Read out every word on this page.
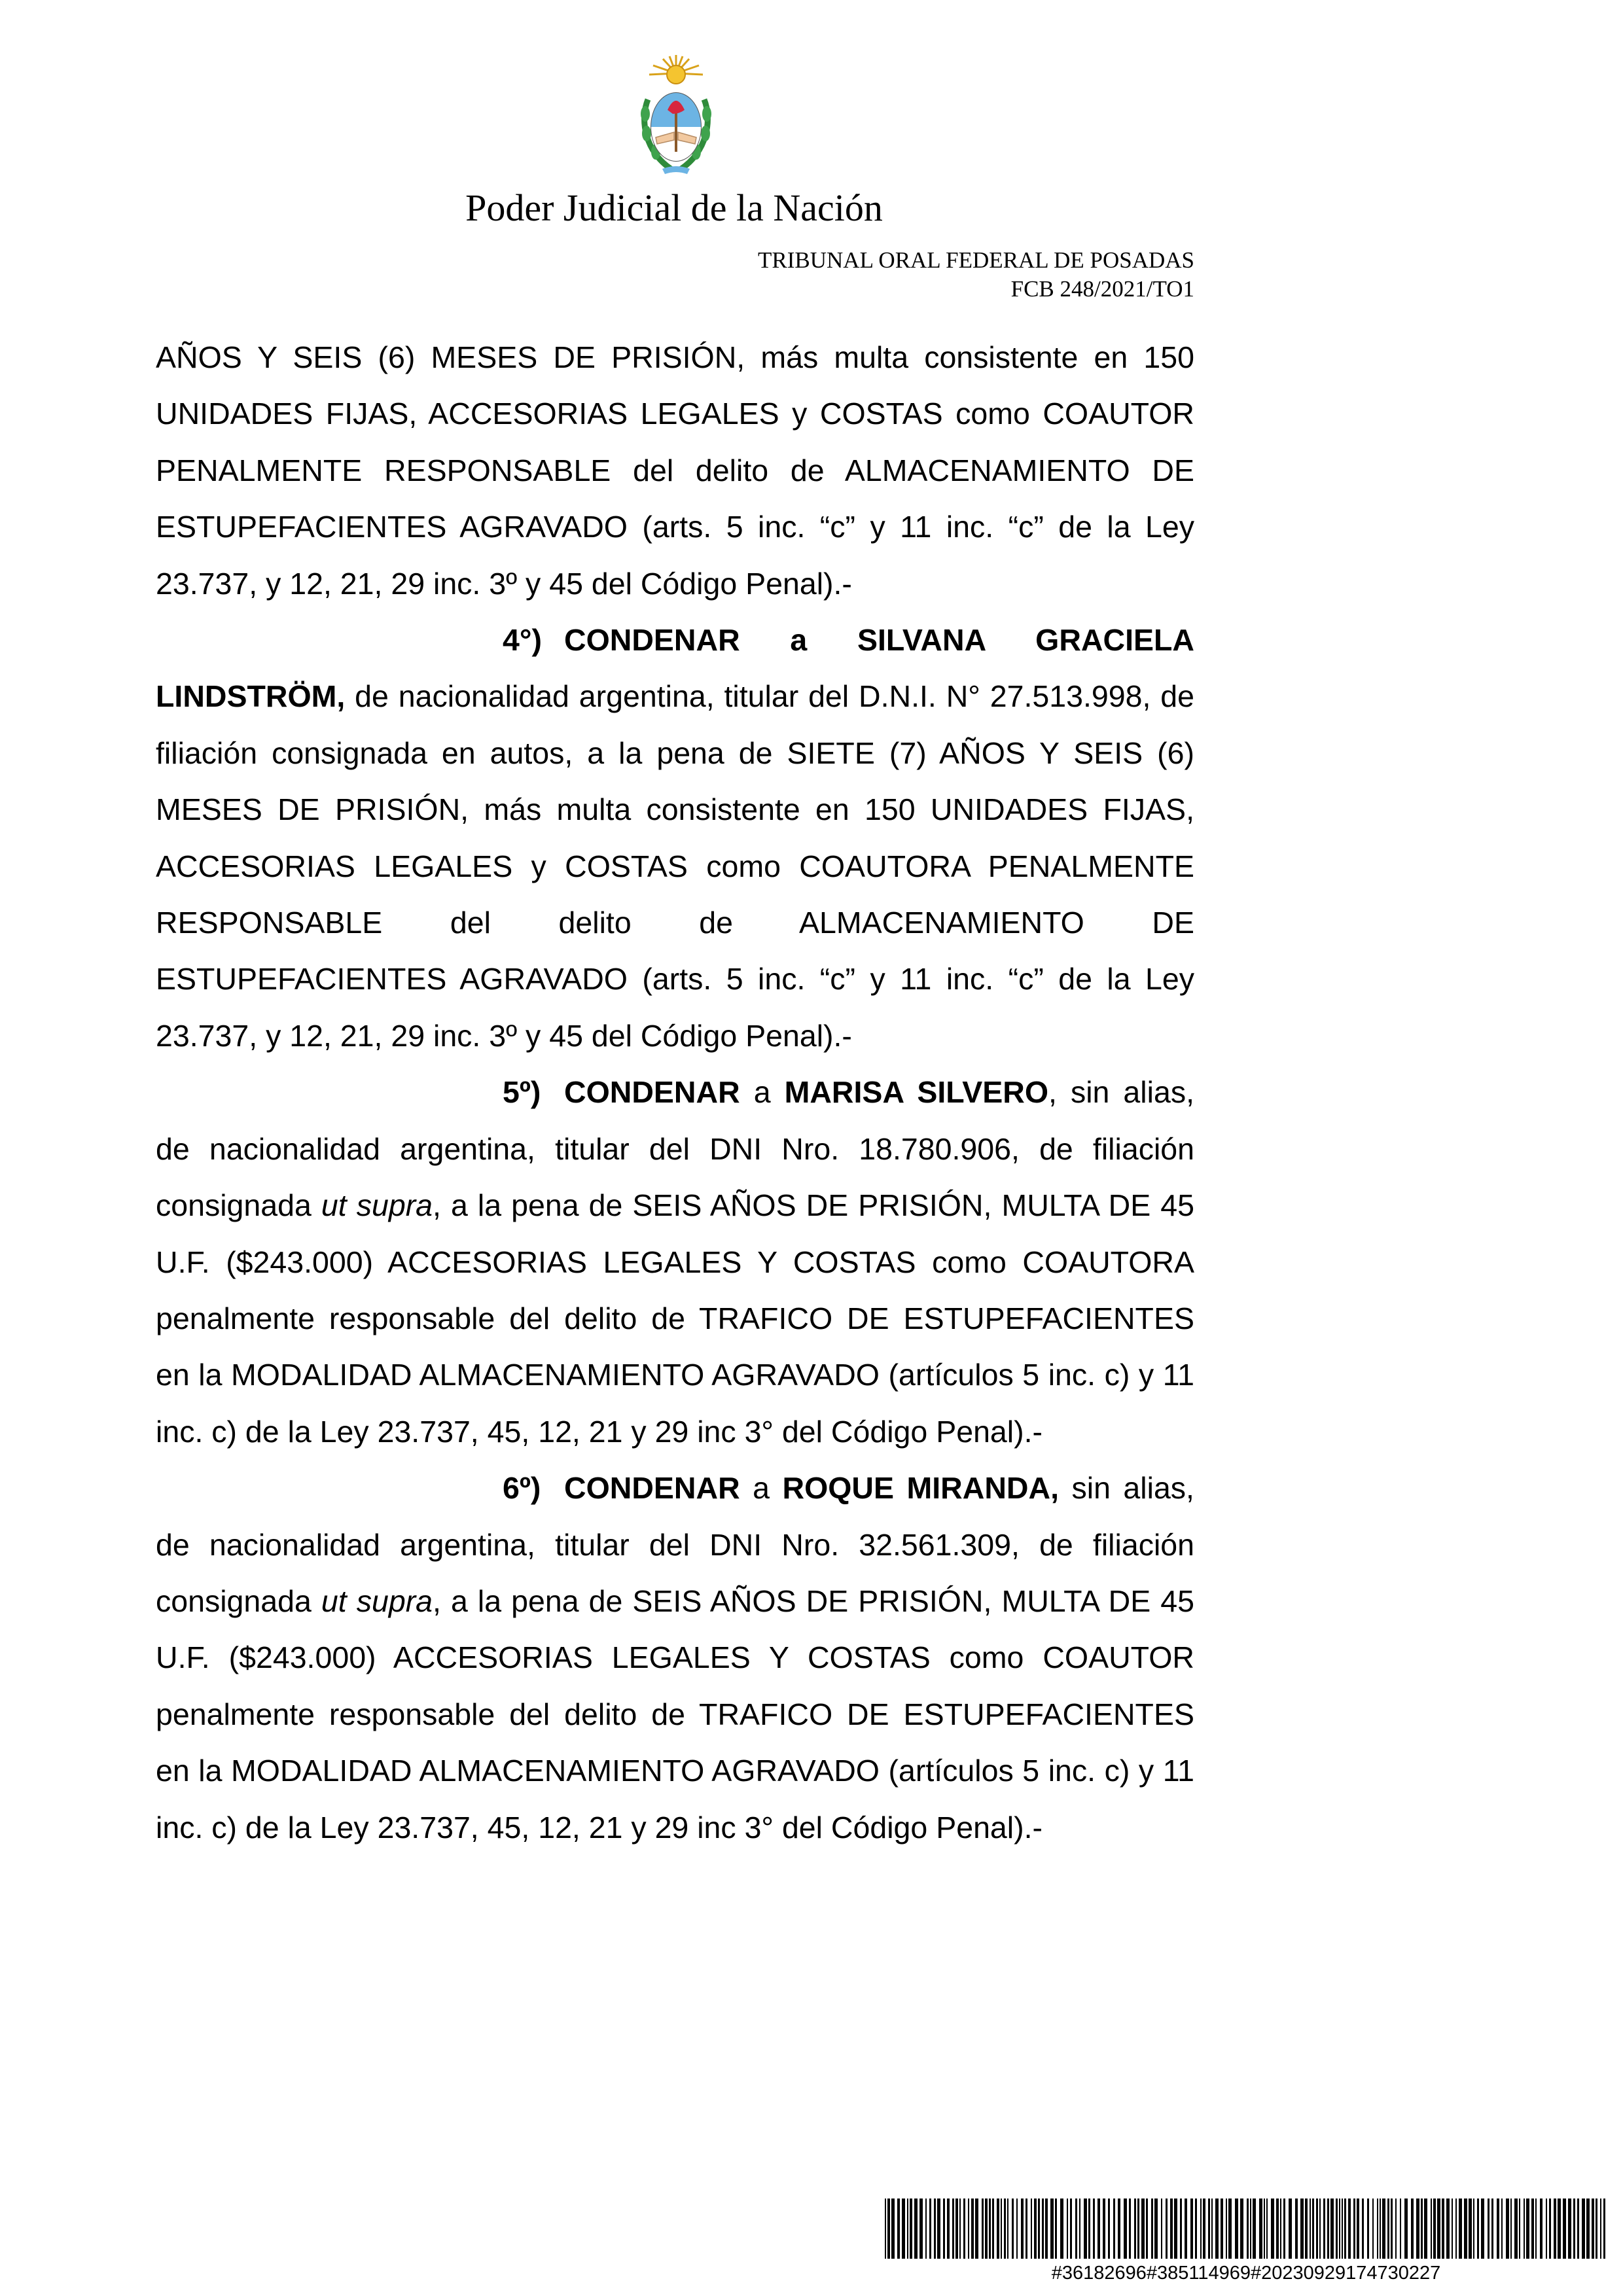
Poder Judicial de la Nación
TRIBUNAL ORAL FEDERAL DE POSADAS
FCB 248/2021/TO1

AÑOS Y SEIS (6) MESES DE PRISIÓN, más multa consistente en 150 UNIDADES FIJAS, ACCESORIAS LEGALES y COSTAS como COAUTOR PENALMENTE RESPONSABLE del delito de ALMACENAMIENTO DE ESTUPEFACIENTES AGRAVADO (arts. 5 inc. “c” y 11 inc. “c” de la Ley 23.737, y 12, 21, 29 inc. 3º y 45 del Código Penal).-

4°) CONDENAR a SILVANA GRACIELA LINDSTRÖM, de nacionalidad argentina, titular del D.N.I. N° 27.513.998, de filiación consignada en autos, a la pena de SIETE (7) AÑOS Y SEIS (6) MESES DE PRISIÓN, más multa consistente en 150 UNIDADES FIJAS, ACCESORIAS LEGALES y COSTAS como COAUTORA PENALMENTE RESPONSABLE del delito de ALMACENAMIENTO DE ESTUPEFACIENTES AGRAVADO (arts. 5 inc. “c” y 11 inc. “c” de la Ley 23.737, y 12, 21, 29 inc. 3º y 45 del Código Penal).-

5º) CONDENAR a MARISA SILVERO, sin alias, de nacionalidad argentina, titular del DNI Nro. 18.780.906, de filiación consignada ut supra, a la pena de SEIS AÑOS DE PRISIÓN, MULTA DE 45 U.F. ($243.000) ACCESORIAS LEGALES Y COSTAS como COAUTORA penalmente responsable del delito de TRAFICO DE ESTUPEFACIENTES en la MODALIDAD ALMACENAMIENTO AGRAVADO (artículos 5 inc. c) y 11 inc. c) de la Ley 23.737, 45, 12, 21 y 29 inc 3° del Código Penal).-

6º) CONDENAR a ROQUE MIRANDA, sin alias, de nacionalidad argentina, titular del DNI Nro. 32.561.309, de filiación consignada ut supra, a la pena de SEIS AÑOS DE PRISIÓN, MULTA DE 45 U.F. ($243.000) ACCESORIAS LEGALES Y COSTAS como COAUTOR penalmente responsable del delito de TRAFICO DE ESTUPEFACIENTES en la MODALIDAD ALMACENAMIENTO AGRAVADO (artículos 5 inc. c) y 11 inc. c) de la Ley 23.737, 45, 12, 21 y 29 inc 3° del Código Penal).-

#36182696#385114969#20230929174730227
